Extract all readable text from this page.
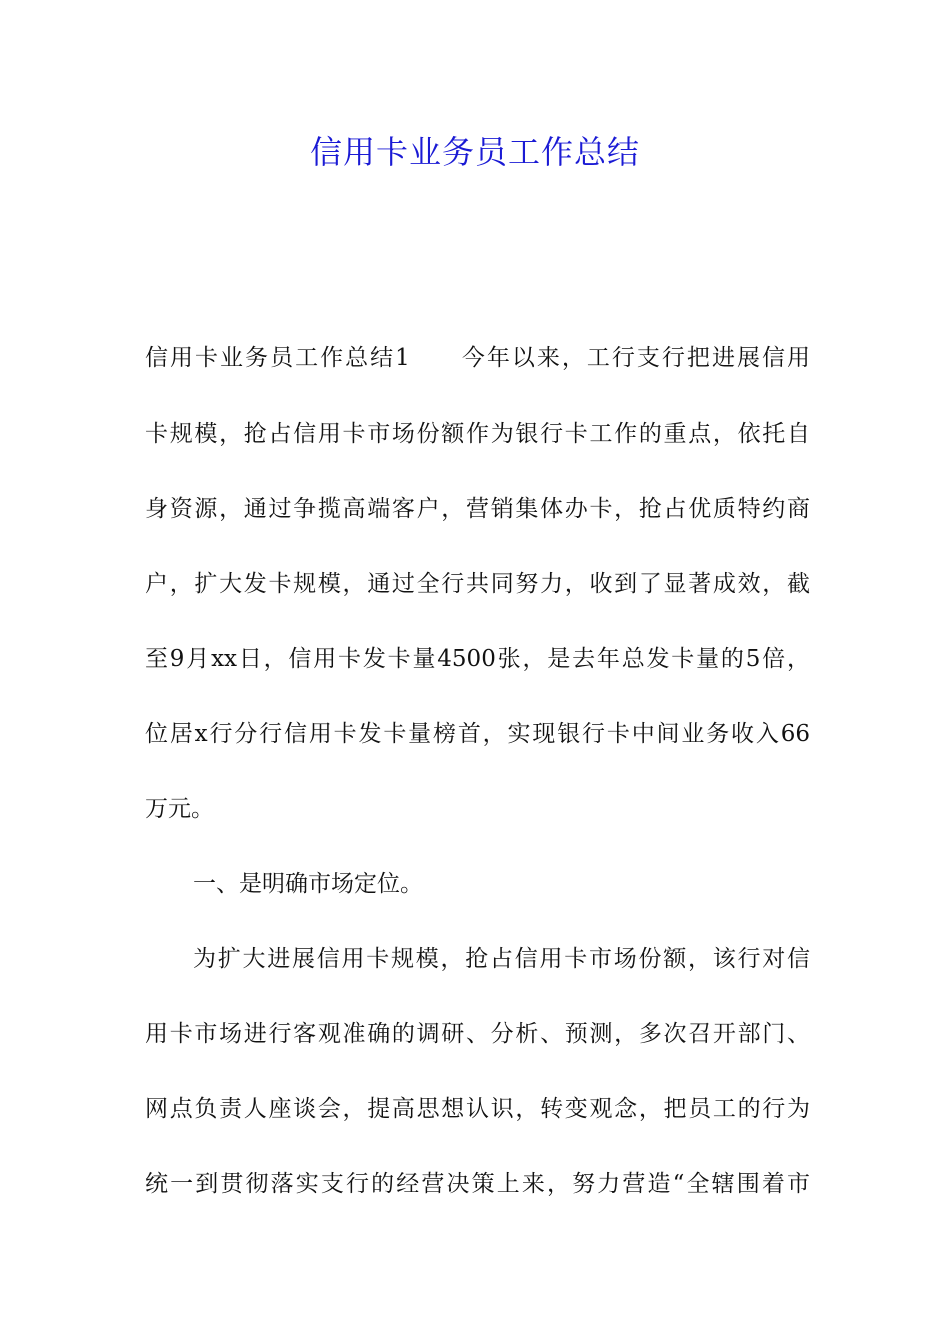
信用卡业务员工作总结
信用卡业务员工作总结1　　今年以来，工行支行把进展信用
卡规模，抢占信用卡市场份额作为银行卡工作的重点，依托自
身资源，通过争揽高端客户，营销集体办卡，抢占优质特约商
户，扩大发卡规模，通过全行共同努力，收到了显著成效，截
至9月xx日，信用卡发卡量4500张，是去年总发卡量的5倍，
位居x行分行信用卡发卡量榜首，实现银行卡中间业务收入66
万元。
一、是明确市场定位。
为扩大进展信用卡规模，抢占信用卡市场份额，该行对信
用卡市场进行客观准确的调研、分析、预测，多次召开部门、
网点负责人座谈会，提高思想认识，转变观念，把员工的行为
统一到贯彻落实支行的经营决策上来，努力营造“全辖围着市
